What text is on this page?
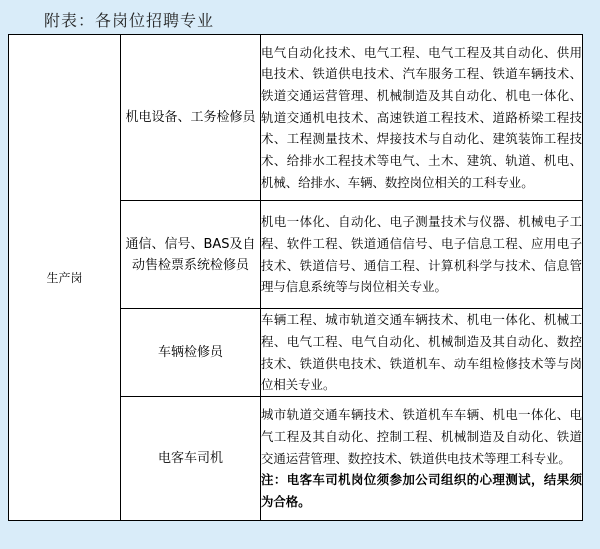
附表：各岗位招聘专业
生产岗	机电设备、工务检修员	电气自动化技术、电气工程、电气工程及其自动化、供用电技术、铁道供电技术、汽车服务工程、铁道车辆技术、铁道交通运营管理、机械制造及其自动化、机电一体化、轨道交通机电技术、高速铁道工程技术、道路桥梁工程技术、工程测量技术、焊接技术与自动化、建筑装饰工程技术、给排水工程技术等电气、土木、建筑、轨道、机电、机械、给排水、车辆、数控岗位相关的工科专业。
	通信、信号、BAS及自动售检票系统检修员	机电一体化、自动化、电子测量技术与仪器、机械电子工程、软件工程、铁道通信信号、电子信息工程、应用电子技术、铁道信号、通信工程、计算机科学与技术、信息管理与信息系统等与岗位相关专业。
	车辆检修员	车辆工程、城市轨道交通车辆技术、机电一体化、机械工程、电气工程、电气自动化、机械制造及其自动化、数控技术、铁道供电技术、铁道机车、动车组检修技术等与岗位相关专业。
	电客车司机	城市轨道交通车辆技术、铁道机车车辆、机电一体化、电气工程及其自动化、控制工程、机械制造及自动化、铁道交通运营管理、数控技术、铁道供电技术等理工科专业。
注：电客车司机岗位须参加公司组织的心理测试，结果须为合格。
